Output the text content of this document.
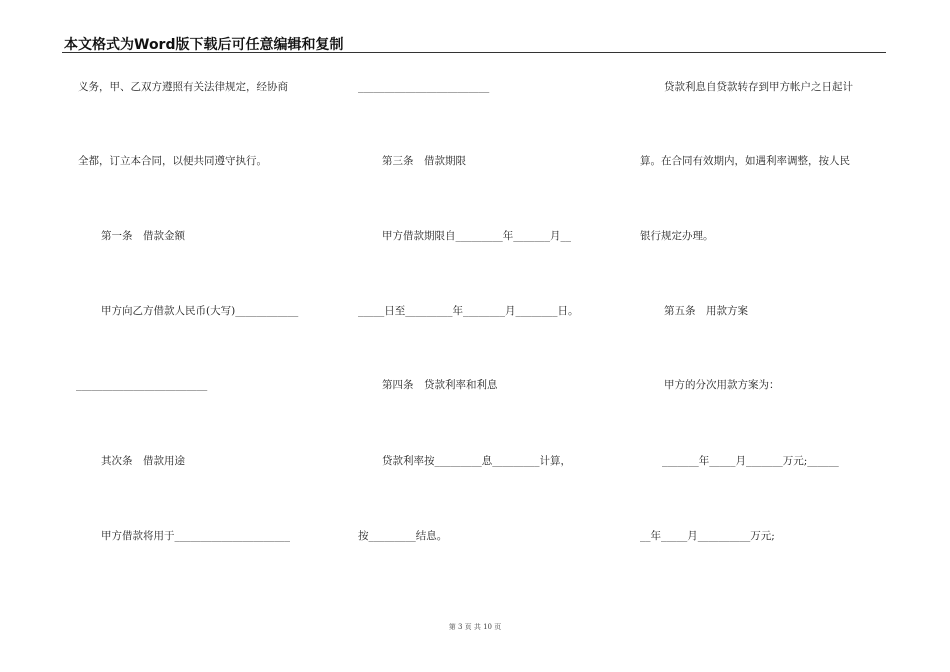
本文格式为Word版下载后可任意编辑和复制
义务，甲、乙双方遵照有关法律规定，经协商
全都，订立本合同，以便共同遵守执行。
第一条　借款金额
甲方向乙方借款人民币(大写)____________
_________________________
其次条　借款用途
甲方借款将用于______________________
_________________________
第三条　借款期限
甲方借款期限自_________年_______月__
_____日至_________年________月________日。
第四条　贷款利率和利息
贷款利率按_________息_________计算，
按_________结息。
贷款利息自贷款转存到甲方帐户之日起计
算。在合同有效期内，如遇利率调整，按人民
银行规定办理。
第五条　用款方案
甲方的分次用款方案为：
_______年_____月_______万元;______
__年_____月__________万元;
第 3 页 共 10 页
